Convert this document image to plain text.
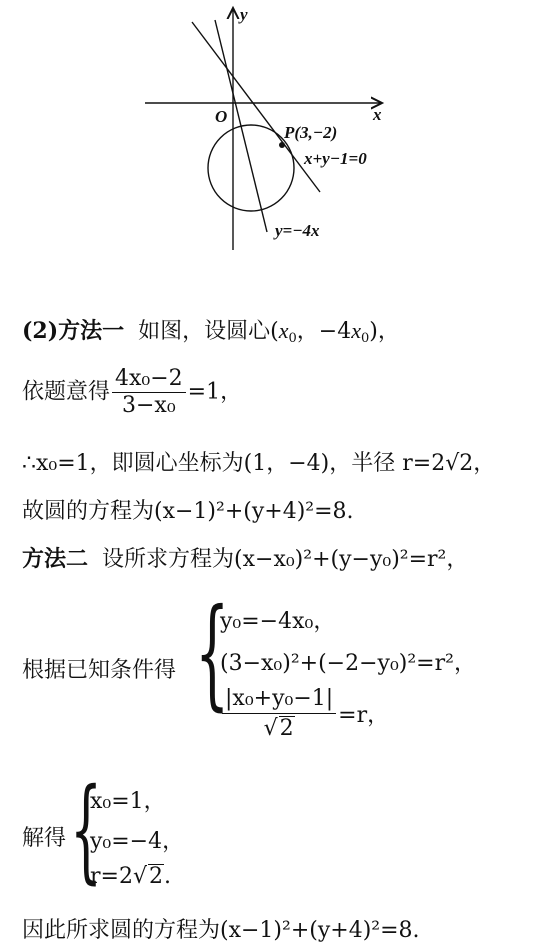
x
y
O
P(3,−2)
x+y−1=0
y=−4x
(2)方法一 如图，设圆心($x_0$，$-4x_0$)，
依题意得 $\frac{\text{4x₀−2}}{\text{3−x₀}} =1$，
∴x₀=1，即圆心坐标为(1，−4)，半径 r=2√2，
故圆的方程为(x−1)²+(y+4)²=8.
方法二 设所求方程为(x−x₀)²+(y−y₀)²=r²，
根据已知条件得 {
y₀=−4x₀，
(3−x₀)²+(−2−y₀)²=r²，
$\frac{\text{|x₀+y₀−1|}}{√2} =r$，
解得 {
x₀=1，
y₀=−4，
r=2√2.
因此所求圆的方程为(x−1)²+(y+4)²=8.
